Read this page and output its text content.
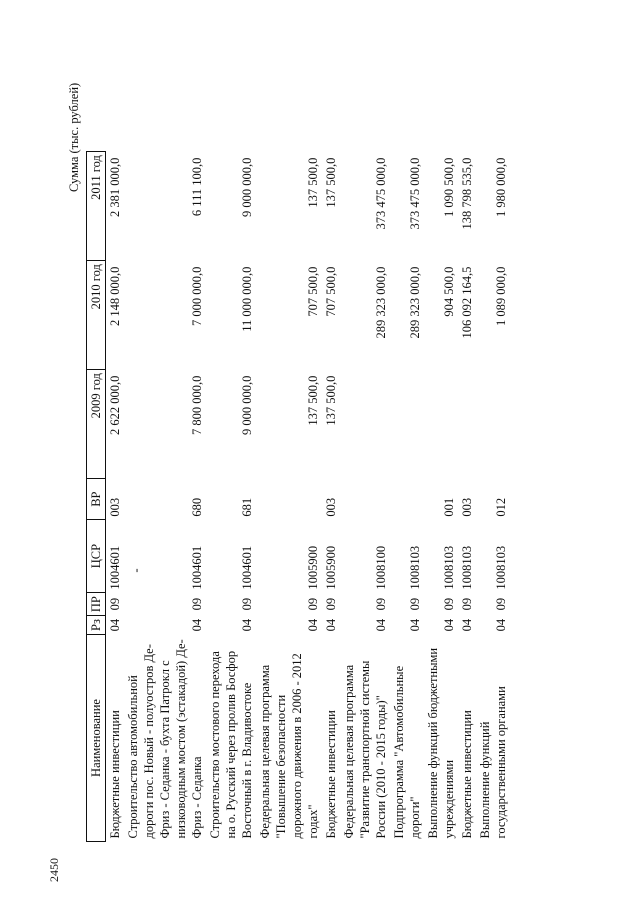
2450
Сумма (тыс. рублей)
Наименование	Рз	ПР	ЦСР	ВР	2009 год	2010 год	2011 год
Бюджетные инвестиции	04	09	1004601	003	2 622 000,0	2 148 000,0	2 381 000,0
Строительство автомобильной дороги пос. Новый - полуостров Де-Фриз - Седанка - бухта Патрокл с низководным мостом (эстакадой) Де-Фриз - Седанка	04	09	- 1004601	680	7 800 000,0	7 000 000,0	6 111 100,0
Строительство мостового перехода на о. Русский через пролив Босфор Восточный в г. Владивостоке	04	09	1004601	681	9 000 000,0	11 000 000,0	9 000 000,0
Федеральная целевая программа "Повышение безопасности дорожного движения в 2006 - 2012 годах"	04	09	1005900		137 500,0	707 500,0	137 500,0
Бюджетные инвестиции	04	09	1005900	003	137 500,0	707 500,0	137 500,0
Федеральная целевая программа "Развитие транспортной системы России (2010 - 2015 годы)"	04	09	1008100			289 323 000,0	373 475 000,0
Подпрограмма "Автомобильные дороги"	04	09	1008103			289 323 000,0	373 475 000,0
Выполнение функций бюджетными учреждениями	04	09	1008103	001		904 500,0	1 090 500,0
Бюджетные инвестиции	04	09	1008103	003		106 092 164,5	138 798 535,0
Выполнение функций государственными органами	04	09	1008103	012		1 089 000,0	1 980 000,0
